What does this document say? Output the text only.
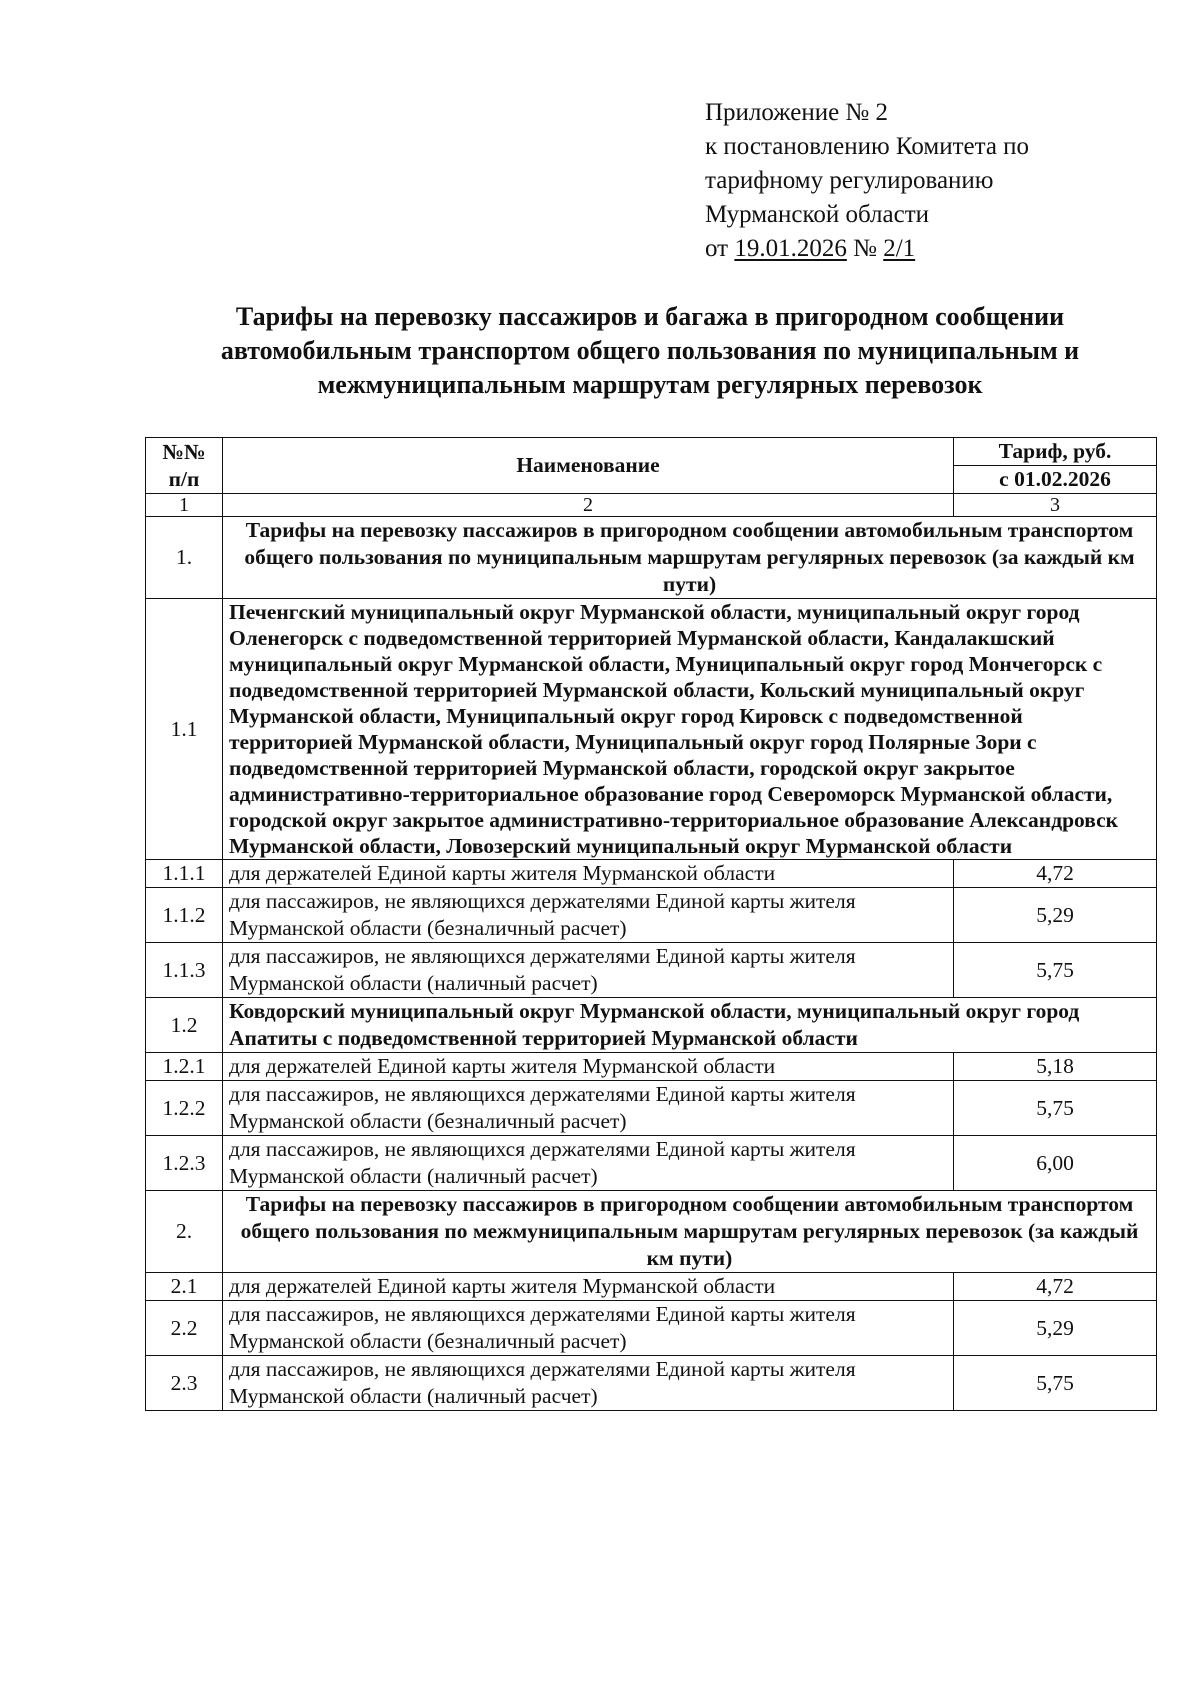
Приложение № 2
к постановлению Комитета по
тарифному регулированию
Мурманской области
от 19.01.2026 № 2/1
Тарифы на перевозку пассажиров и багажа в пригородном сообщении
автомобильным транспортом общего пользования по муниципальным и
межмуниципальным маршрутам регулярных перевозок
№№ п/п	Наименование	Тариф, руб.
		с 01.02.2026
1	2	3
1.	Тарифы на перевозку пассажиров в пригородном сообщении автомобильным транспортом общего пользования по муниципальным маршрутам регулярных перевозок (за каждый км пути)	
1.1	Печенгский муниципальный округ Мурманской области, муниципальный округ город Оленегорск с подведомственной территорией Мурманской области, Кандалакшский муниципальный округ Мурманской области, Муниципальный округ город Мончегорск с подведомственной территорией Мурманской области, Кольский муниципальный округ Мурманской области, Муниципальный округ город Кировск с подведомственной территорией Мурманской области, Муниципальный округ город Полярные Зори с подведомственной территорией Мурманской области, городской округ закрытое административно-территориальное образование город Североморск Мурманской области, городской округ закрытое административно-территориальное образование Александровск Мурманской области, Ловозерский муниципальный округ Мурманской области	
1.1.1	для держателей Единой карты жителя Мурманской области	4,72
1.1.2	для пассажиров, не являющихся держателями Единой карты жителя Мурманской области (безналичный расчет)	5,29
1.1.3	для пассажиров, не являющихся держателями Единой карты жителя Мурманской области (наличный расчет)	5,75
1.2	Ковдорский муниципальный округ Мурманской области, муниципальный округ город Апатиты с подведомственной территорией Мурманской области	
1.2.1	для держателей Единой карты жителя Мурманской области	5,18
1.2.2	для пассажиров, не являющихся держателями Единой карты жителя Мурманской области (безналичный расчет)	5,75
1.2.3	для пассажиров, не являющихся держателями Единой карты жителя Мурманской области (наличный расчет)	6,00
2.	Тарифы на перевозку пассажиров в пригородном сообщении автомобильным транспортом общего пользования по межмуниципальным маршрутам регулярных перевозок (за каждый км пути)	
2.1	для держателей Единой карты жителя Мурманской области	4,72
2.2	для пассажиров, не являющихся держателями Единой карты жителя Мурманской области (безналичный расчет)	5,29
2.3	для пассажиров, не являющихся держателями Единой карты жителя Мурманской области (наличный расчет)	5,75
